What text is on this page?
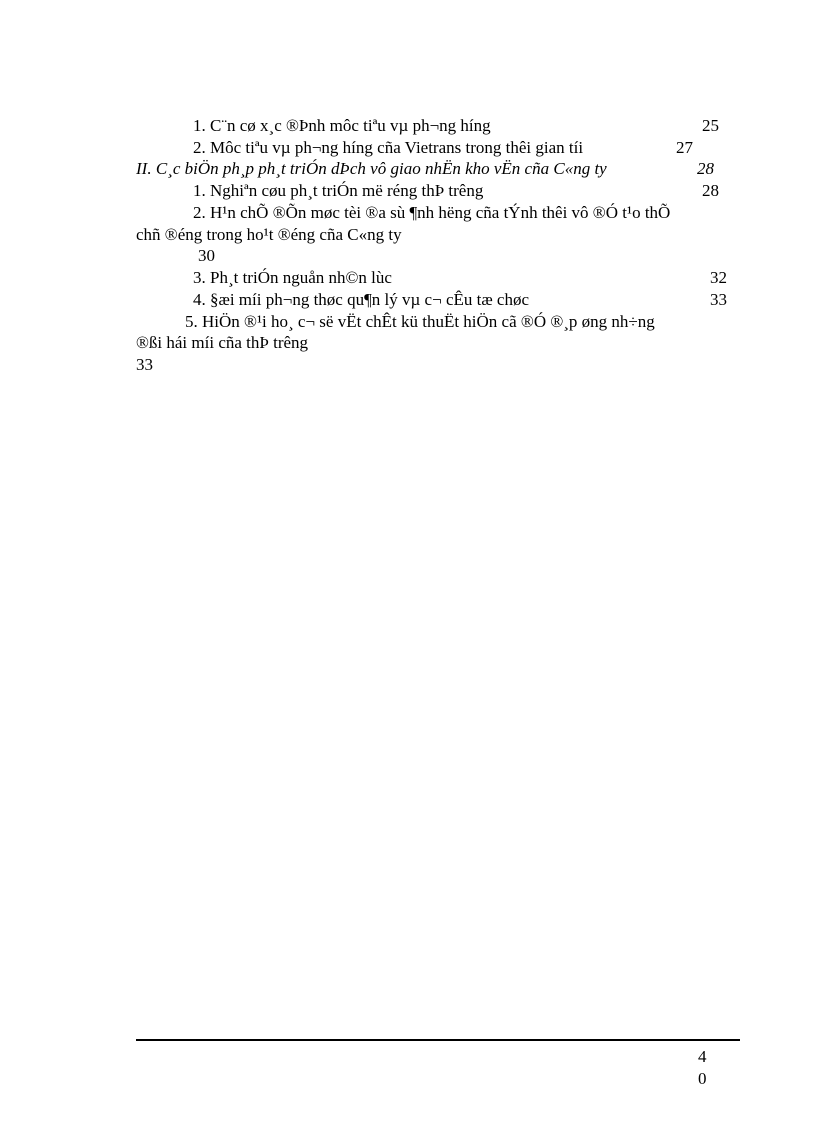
1. C¨n cø x¸c ®Þnh môc tiªu vµ ph¬ng híng	25
2. Môc tiªu vµ ph¬ng híng cña Vietrans trong thêi gian tíi	27
II. C¸c biÖn ph¸p ph¸t triÓn dÞch vô giao nhËn kho vËn cña C«ng ty	28
1. Nghiªn cøu ph¸t triÓn më réng thÞ trêng	28
2. H¹n chÕ ®Õn møc tèi ®a sù ¶nh hëng cña tÝnh thêi vô ®Ó t¹o thÕ
chñ ®éng trong ho¹t ®éng cña C«ng ty
30
3. Ph¸t triÓn nguån nh©n lùc	32
4. §æi míi ph¬ng thøc qu¶n lý vµ c¬ cÊu tæ chøc	33
5. HiÖn ®¹i ho¸ c¬ së vËt chÊt kü thuËt hiÖn cã ®Ó ®¸p øng nh÷ng
®ßi hái míi cña thÞ trêng
33
4
0
